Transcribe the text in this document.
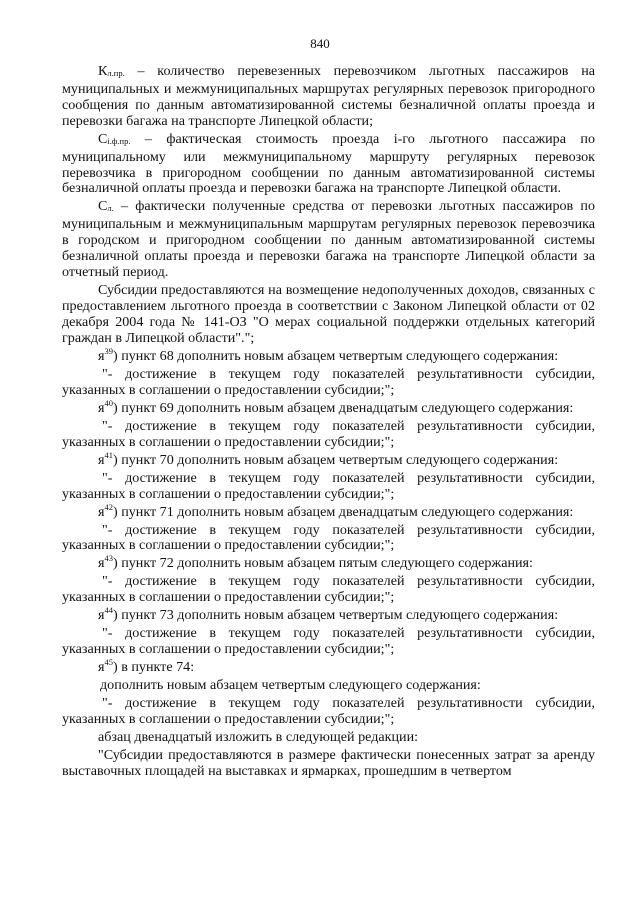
840

Кл.пр. – количество перевезенных перевозчиком льготных пассажиров на муниципальных и межмуниципальных маршрутах регулярных перевозок пригородного сообщения по данным автоматизированной системы безналичной оплаты проезда и перевозки багажа на транспорте Липецкой области;

Сi.ф.пр. – фактическая стоимость проезда i-го льготного пассажира по муниципальному или межмуниципальному маршруту регулярных перевозок перевозчика в пригородном сообщении по данным автоматизированной системы безналичной оплаты проезда и перевозки багажа на транспорте Липецкой области.

Сл. – фактически полученные средства от перевозки льготных пассажиров по муниципальным и межмуниципальным маршрутам регулярных перевозок перевозчика в городском и пригородном сообщении по данным автоматизированной системы безналичной оплаты проезда и перевозки багажа на транспорте Липецкой области за отчетный период.

Субсидии предоставляются на возмещение недополученных доходов, связанных с предоставлением льготного проезда в соответствии с Законом Липецкой области от 02 декабря 2004 года № 141-ОЗ "О мерах социальной поддержки отдельных категорий граждан в Липецкой области".";

$я^{39}$) пункт 68 дополнить новым абзацем четвертым следующего содержания:

"- достижение в текущем году показателей результативности субсидии, указанных в соглашении о предоставлении субсидии;";

$я^{40}$) пункт 69 дополнить новым абзацем двенадцатым следующего содержания:

"- достижение в текущем году показателей результативности субсидии, указанных в соглашении о предоставлении субсидии;";

$я^{41}$) пункт 70 дополнить новым абзацем четвертым следующего содержания:

"- достижение в текущем году показателей результативности субсидии, указанных в соглашении о предоставлении субсидии;";

$я^{42}$) пункт 71 дополнить новым абзацем двенадцатым следующего содержания:

"- достижение в текущем году показателей результативности субсидии, указанных в соглашении о предоставлении субсидии;";

$я^{43}$) пункт 72 дополнить новым абзацем пятым следующего содержания:

"- достижение в текущем году показателей результативности субсидии, указанных в соглашении о предоставлении субсидии;";

$я^{44}$) пункт 73 дополнить новым абзацем четвертым следующего содержания:

"- достижение в текущем году показателей результативности субсидии, указанных в соглашении о предоставлении субсидии;";

$я^{45}$) в пункте 74:

дополнить новым абзацем четвертым следующего содержания:

"- достижение в текущем году показателей результативности субсидии, указанных в соглашении о предоставлении субсидии;";

абзац двенадцатый изложить в следующей редакции:

"Субсидии предоставляются в размере фактически понесенных затрат за аренду выставочных площадей на выставках и ярмарках, прошедшим в четвертом
